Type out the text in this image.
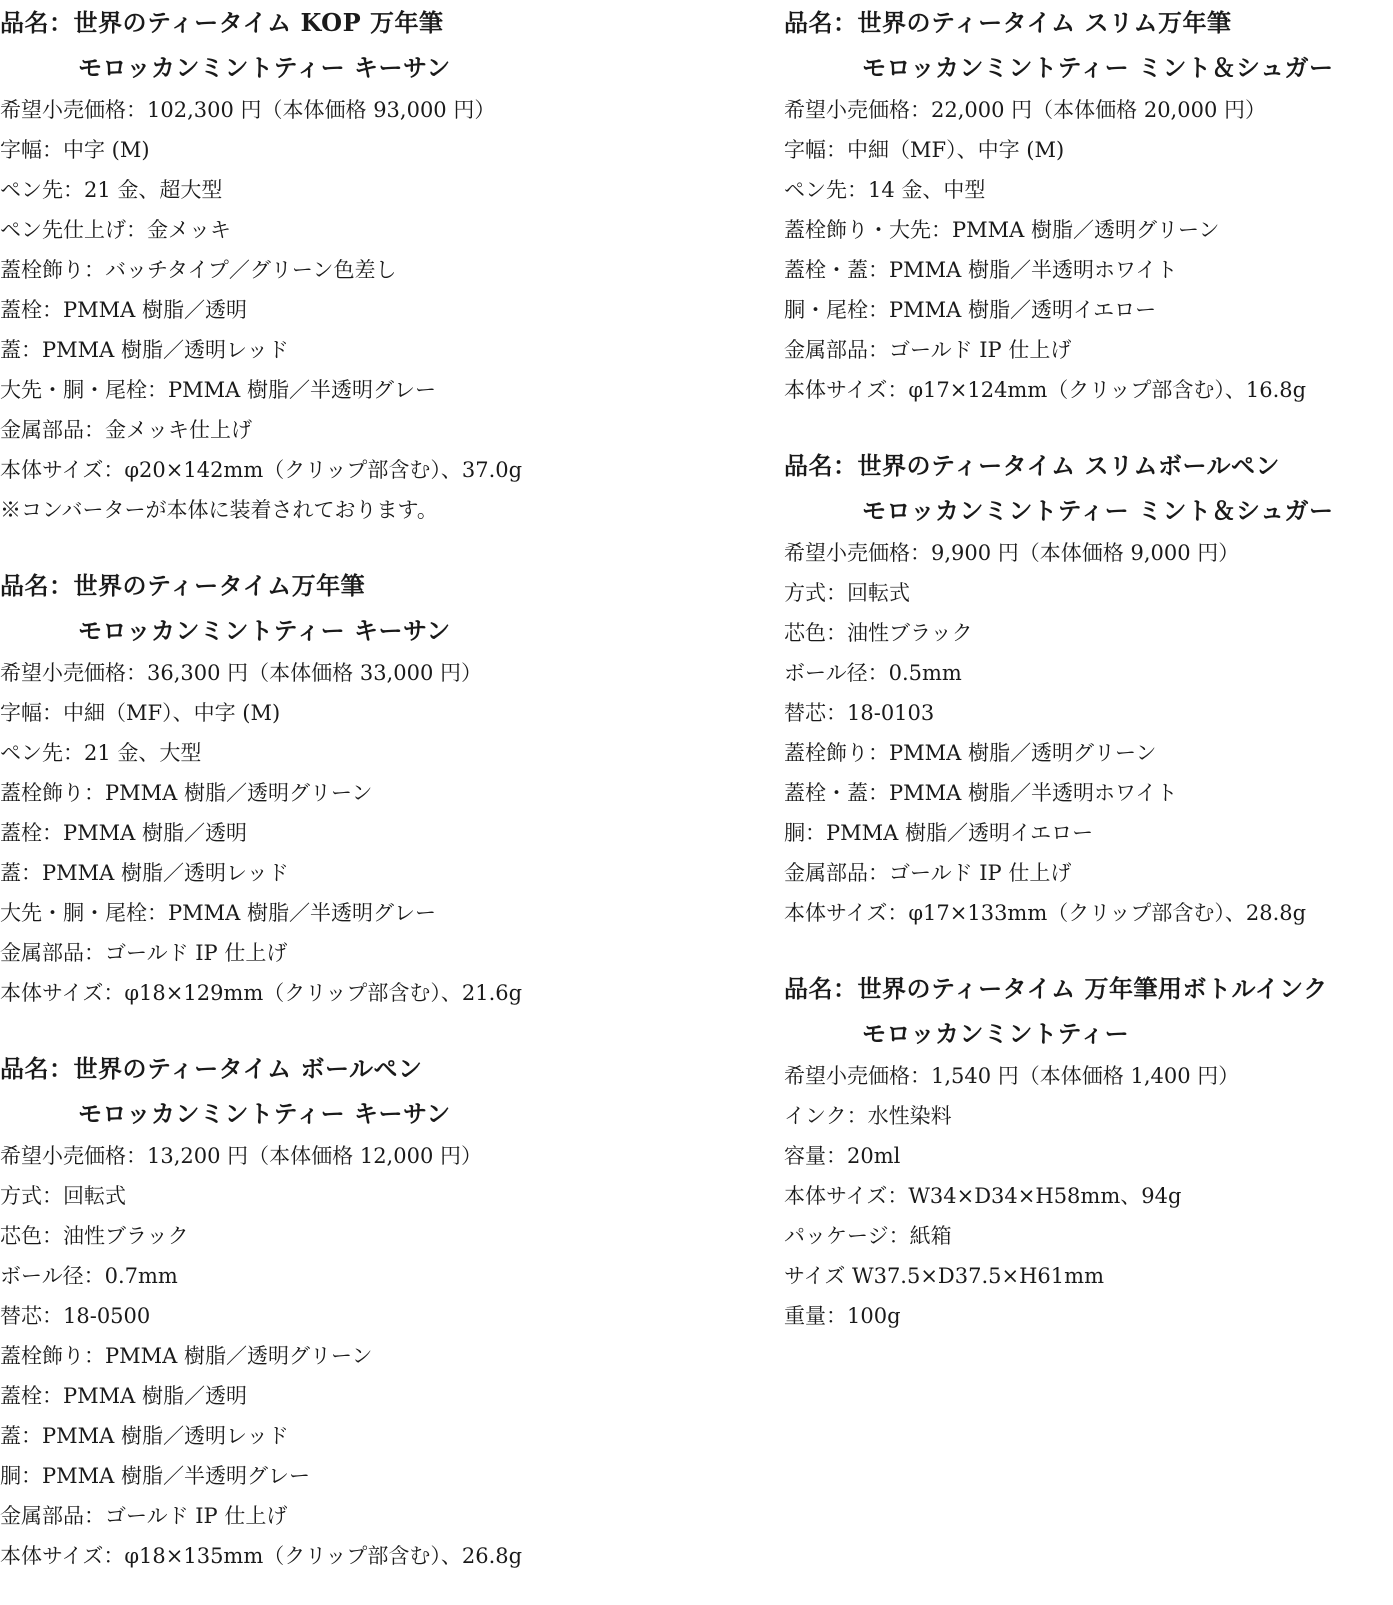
品名：世界のティータイム KOP 万年筆
モロッカンミントティー キーサン
希望小売価格：102,300 円（本体価格 93,000 円）
字幅：中字 (M)
ペン先：21 金、超大型
ペン先仕上げ：金メッキ
蓋栓飾り：バッチタイプ／グリーン色差し
蓋栓：PMMA 樹脂／透明
蓋：PMMA 樹脂／透明レッド
大先・胴・尾栓：PMMA 樹脂／半透明グレー
金属部品：金メッキ仕上げ
本体サイズ：φ20×142mm（クリップ部含む）、37.0g
※コンバーターが本体に装着されております。
品名：世界のティータイム万年筆
モロッカンミントティー キーサン
希望小売価格：36,300 円（本体価格 33,000 円）
字幅：中細（MF）、中字 (M)
ペン先：21 金、大型
蓋栓飾り：PMMA 樹脂／透明グリーン
蓋栓：PMMA 樹脂／透明
蓋：PMMA 樹脂／透明レッド
大先・胴・尾栓：PMMA 樹脂／半透明グレー
金属部品：ゴールド IP 仕上げ
本体サイズ：φ18×129mm（クリップ部含む）、21.6g
品名：世界のティータイム ボールペン
モロッカンミントティー キーサン
希望小売価格：13,200 円（本体価格 12,000 円）
方式：回転式
芯色：油性ブラック
ボール径：0.7mm
替芯：18-0500
蓋栓飾り：PMMA 樹脂／透明グリーン
蓋栓：PMMA 樹脂／透明
蓋：PMMA 樹脂／透明レッド
胴：PMMA 樹脂／半透明グレー
金属部品：ゴールド IP 仕上げ
本体サイズ：φ18×135mm（クリップ部含む）、26.8g
品名：世界のティータイム スリム万年筆
モロッカンミントティー ミント＆シュガー
希望小売価格：22,000 円（本体価格 20,000 円）
字幅：中細（MF）、中字 (M)
ペン先：14 金、中型
蓋栓飾り・大先：PMMA 樹脂／透明グリーン
蓋栓・蓋：PMMA 樹脂／半透明ホワイト
胴・尾栓：PMMA 樹脂／透明イエロー
金属部品：ゴールド IP 仕上げ
本体サイズ：φ17×124mm（クリップ部含む）、16.8g
品名：世界のティータイム スリムボールペン
モロッカンミントティー ミント＆シュガー
希望小売価格：9,900 円（本体価格 9,000 円）
方式：回転式
芯色：油性ブラック
ボール径：0.5mm
替芯：18-0103
蓋栓飾り：PMMA 樹脂／透明グリーン
蓋栓・蓋：PMMA 樹脂／半透明ホワイト
胴：PMMA 樹脂／透明イエロー
金属部品：ゴールド IP 仕上げ
本体サイズ：φ17×133mm（クリップ部含む）、28.8g
品名：世界のティータイム 万年筆用ボトルインク
モロッカンミントティー
希望小売価格：1,540 円（本体価格 1,400 円）
インク：水性染料
容量：20ml
本体サイズ：W34×D34×H58mm、94g
パッケージ：紙箱
サイズ W37.5×D37.5×H61mm
重量：100g
